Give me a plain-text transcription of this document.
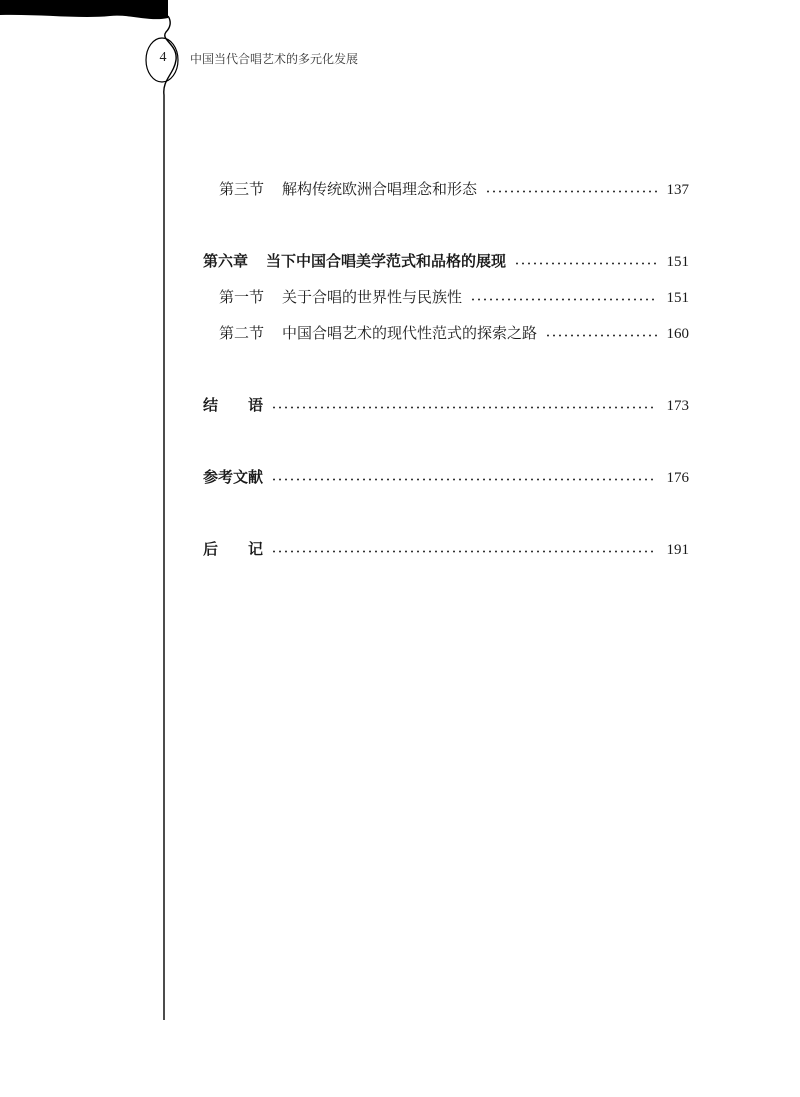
4	中国当代合唱艺术的多元化发展
第三节 解构传统欧洲合唱理念和形态	137
第六章 当下中国合唱美学范式和品格的展现	151
第一节 关于合唱的世界性与民族性	151
第二节 中国合唱艺术的现代性范式的探索之路	160
结　　语	173
参考文献	176
后　　记	191
